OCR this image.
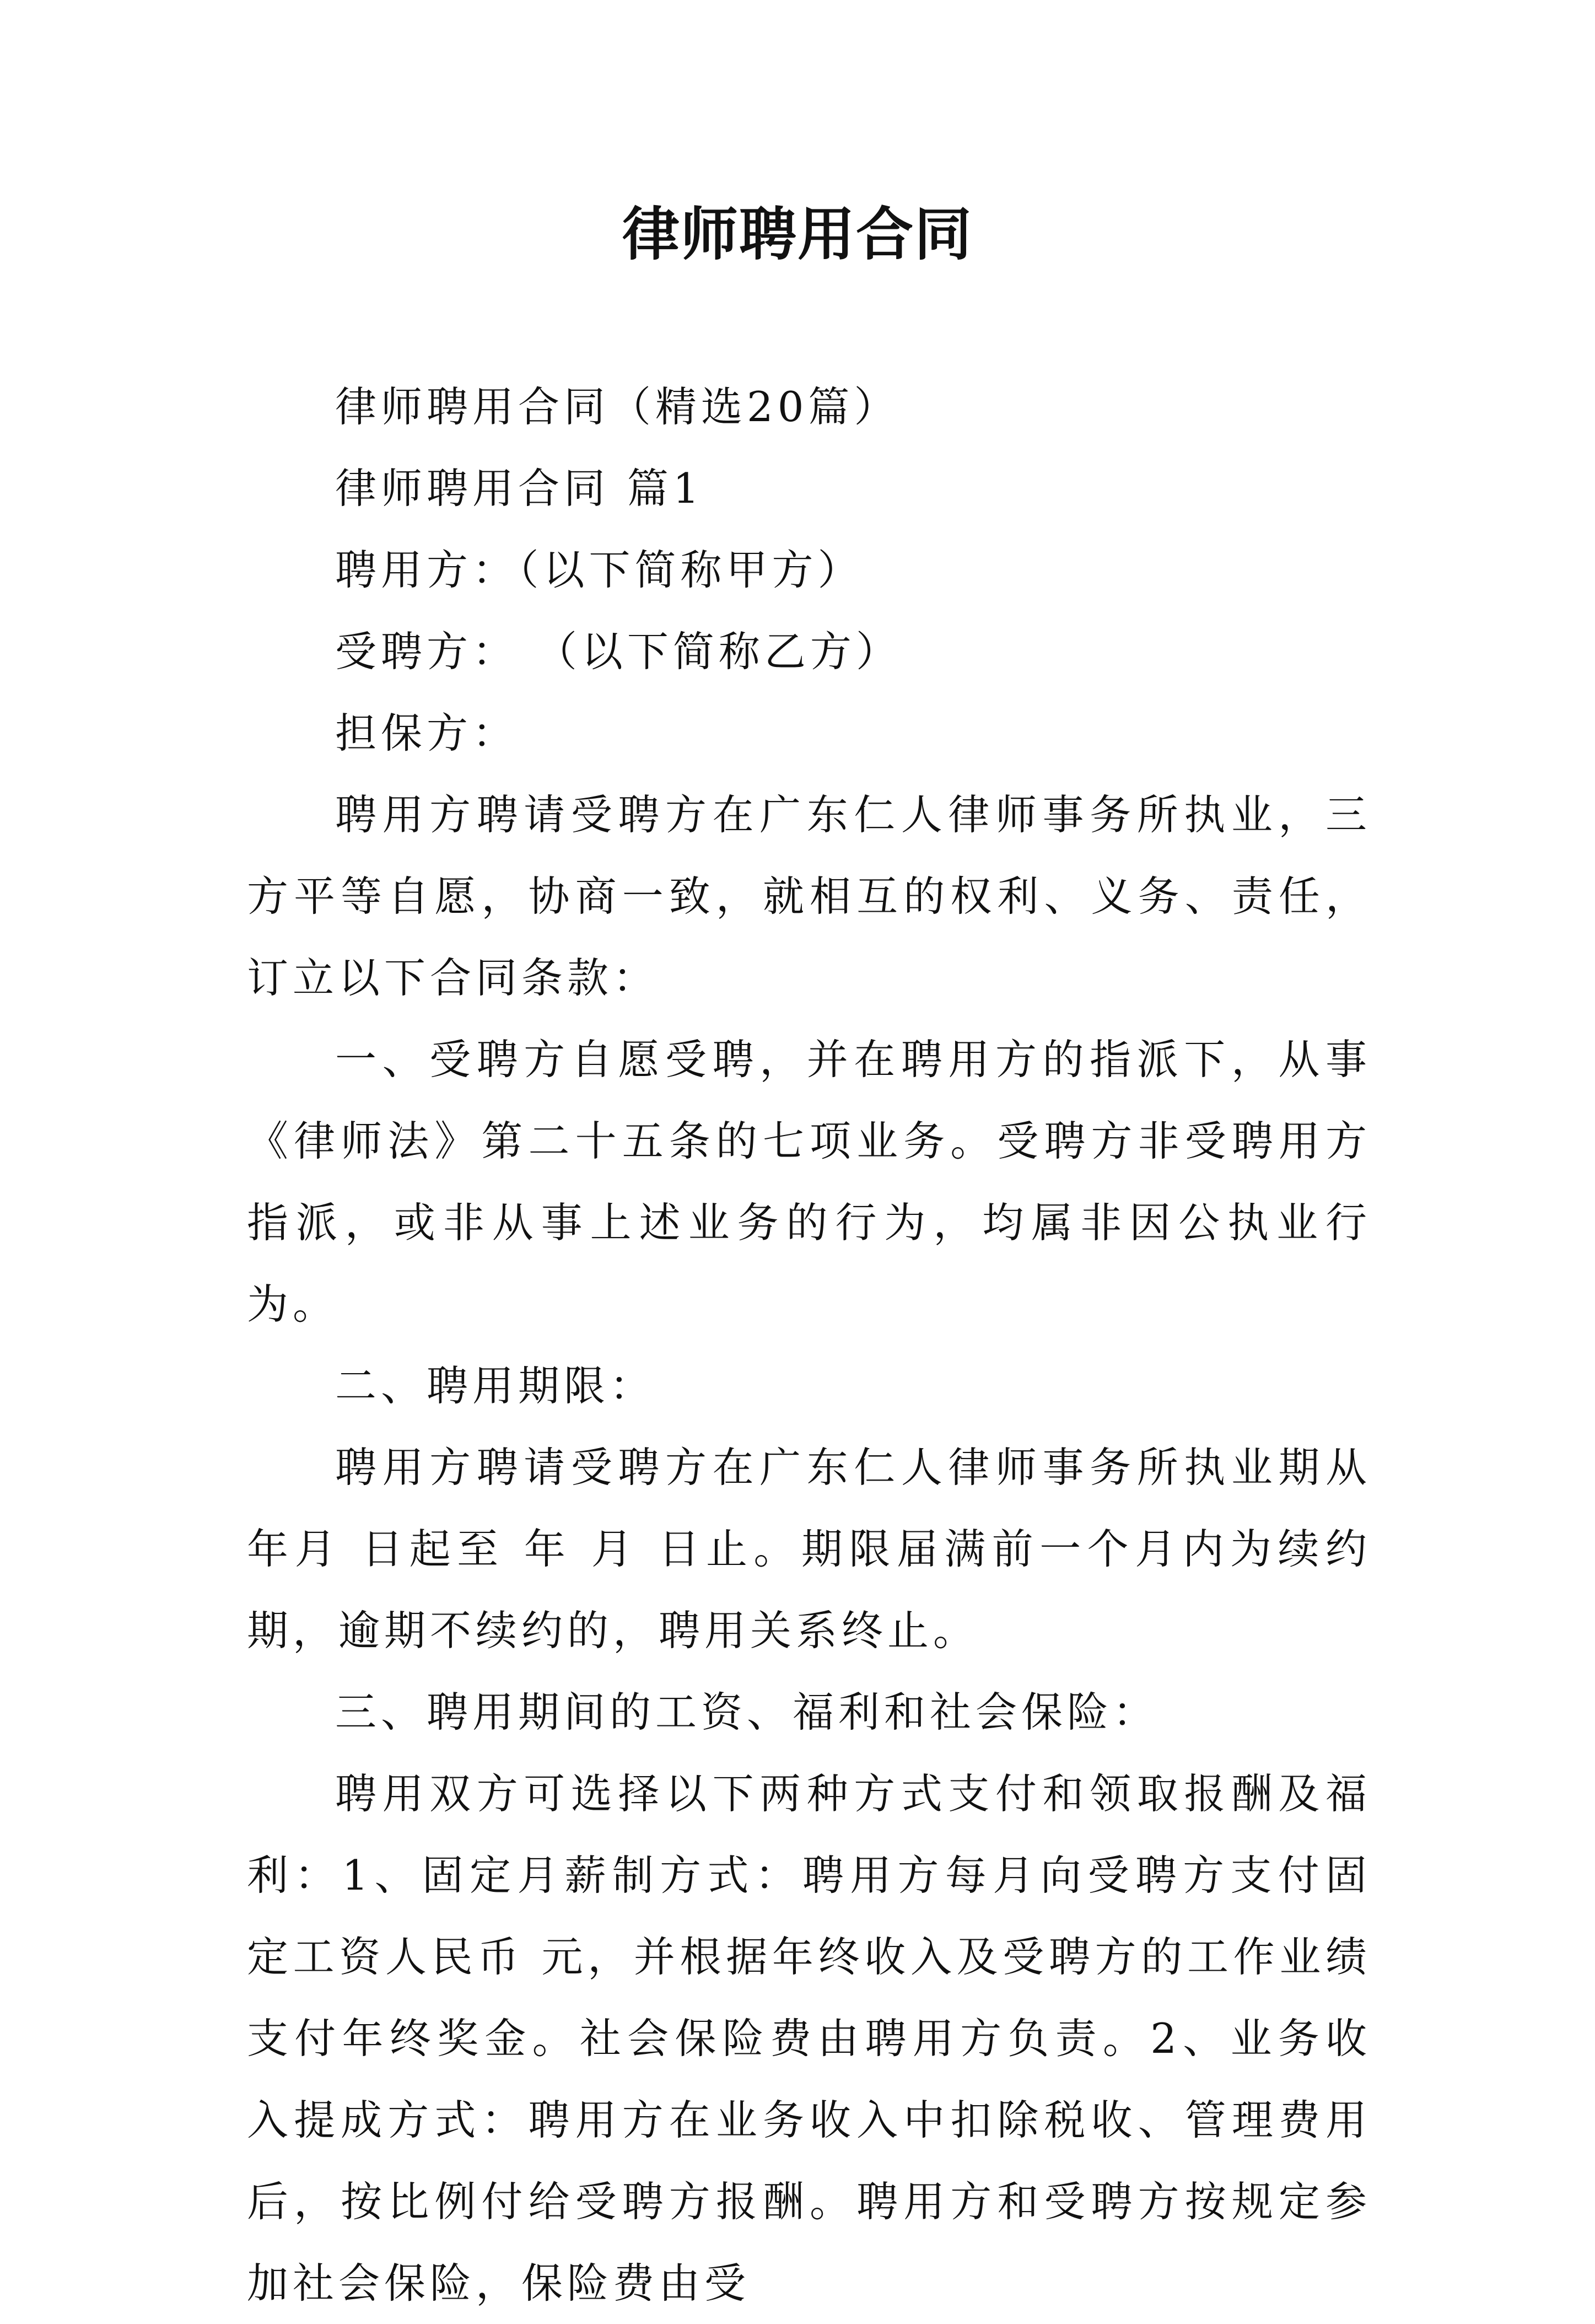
律师聘用合同

律师聘用合同（精选20篇）

律师聘用合同 篇1

聘用方：（以下简称甲方）

受聘方： （以下简称乙方）

担保方：

聘用方聘请受聘方在广东仁人律师事务所执业，三方平等自愿，协商一致，就相互的权利、义务、责任，订立以下合同条款：

一、受聘方自愿受聘，并在聘用方的指派下，从事《律师法》第二十五条的七项业务。受聘方非受聘用方指派，或非从事上述业务的行为，均属非因公执业行为。

二、聘用期限：

聘用方聘请受聘方在广东仁人律师事务所执业期从 年月 日起至 年 月 日止。期限届满前一个月内为续约期，逾期不续约的，聘用关系终止。

三、聘用期间的工资、福利和社会保险：

聘用双方可选择以下两种方式支付和领取报酬及福利：1、固定月薪制方式：聘用方每月向受聘方支付固定工资人民币 元，并根据年终收入及受聘方的工作业绩支付年终奖金。社会保险费由聘用方负责。2、业务收入提成方式：聘用方在业务收入中扣除税收、管理费用后，按比例付给受聘方报酬。聘用方和受聘方按规定参加社会保险，保险费由受
